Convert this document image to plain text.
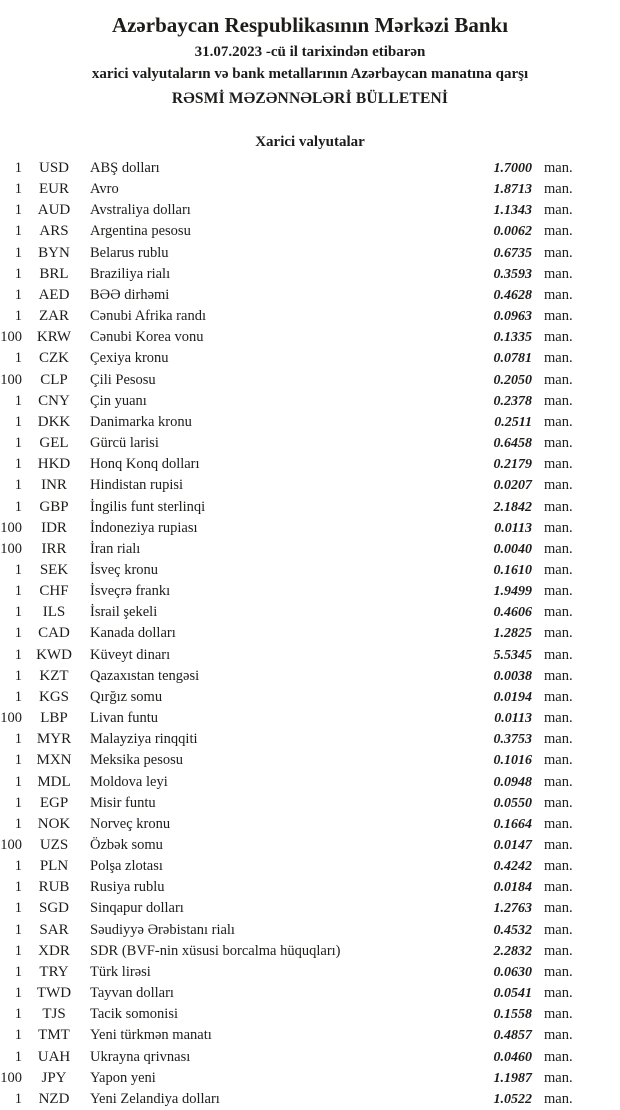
Azərbaycan Respublikasının Mərkəzi Bankı
31.07.2023 -cü il tarixindən etibarən
xarici valyutaların və bank metallarının Azərbaycan manatına qarşı
RƏSMİ MƏZƏNNƏLƏRİ BÜLLETENİ
Xarici valyutalar
1	USD	ABŞ dolları	1.7000 man.
1	EUR	Avro	1.8713 man.
1	AUD	Avstraliya dolları	1.1343 man.
1	ARS	Argentina pesosu	0.0062 man.
1	BYN	Belarus rublu	0.6735 man.
1	BRL	Braziliya rialı	0.3593 man.
1	AED	BƏƏ dirhəmi	0.4628 man.
1	ZAR	Cənubi Afrika randı	0.0963 man.
100 KRW	Cənubi Korea vonu	0.1335 man.
1	CZK	Çexiya kronu	0.0781 man.
100	CLP	Çili Pesosu	0.2050 man.
1	CNY	Çin yuanı	0.2378 man.
1	DKK	Danimarka kronu	0.2511 man.
1	GEL	Gürcü larisi	0.6458 man.
1	HKD	Honq Konq dolları	0.2179 man.
1	INR	Hindistan rupisi	0.0207 man.
1	GBP	İngilis funt sterlinqi	2.1842 man.
100	IDR	İndoneziya rupiası	0.0113 man.
100	IRR	İran rialı	0.0040 man.
1	SEK	İsveç kronu	0.1610 man.
1	CHF	İsveçrə frankı	1.9499 man.
1	ILS	İsrail şekeli	0.4606 man.
1	CAD	Kanada dolları	1.2825 man.
1 KWD	Küveyt dinarı	5.5345 man.
1	KZT	Qazaxıstan tengəsi	0.0038 man.
1	KGS	Qırğız somu	0.0194 man.
100	LBP	Livan funtu	0.0113 man.
1 MYR	Malayziya rinqqiti	0.3753 man.
1 MXN	Meksika pesosu	0.1016 man.
1	MDL	Moldova leyi	0.0948 man.
1	EGP	Misir funtu	0.0550 man.
1	NOK	Norveç kronu	0.1664 man.
100	UZS	Özbək somu	0.0147 man.
1	PLN	Polşa zlotası	0.4242 man.
1	RUB	Rusiya rublu	0.0184 man.
1	SGD	Sinqapur dolları	1.2763 man.
1	SAR	Səudiyyə Ərəbistanı rialı	0.4532 man.
1	XDR	SDR (BVF-nin xüsusi borcalma hüquqları)	2.2832 man.
1	TRY	Türk lirəsi	0.0630 man.
1 TWD	Tayvan dolları	0.0541 man.
1	TJS	Tacik somonisi	0.1558 man.
1	TMT	Yeni türkmən manatı	0.4857 man.
1	UAH	Ukrayna qrivnası	0.0460 man.
100	JPY	Yapon yeni	1.1987 man.
1	NZD	Yeni Zelandiya dolları	1.0522 man.
